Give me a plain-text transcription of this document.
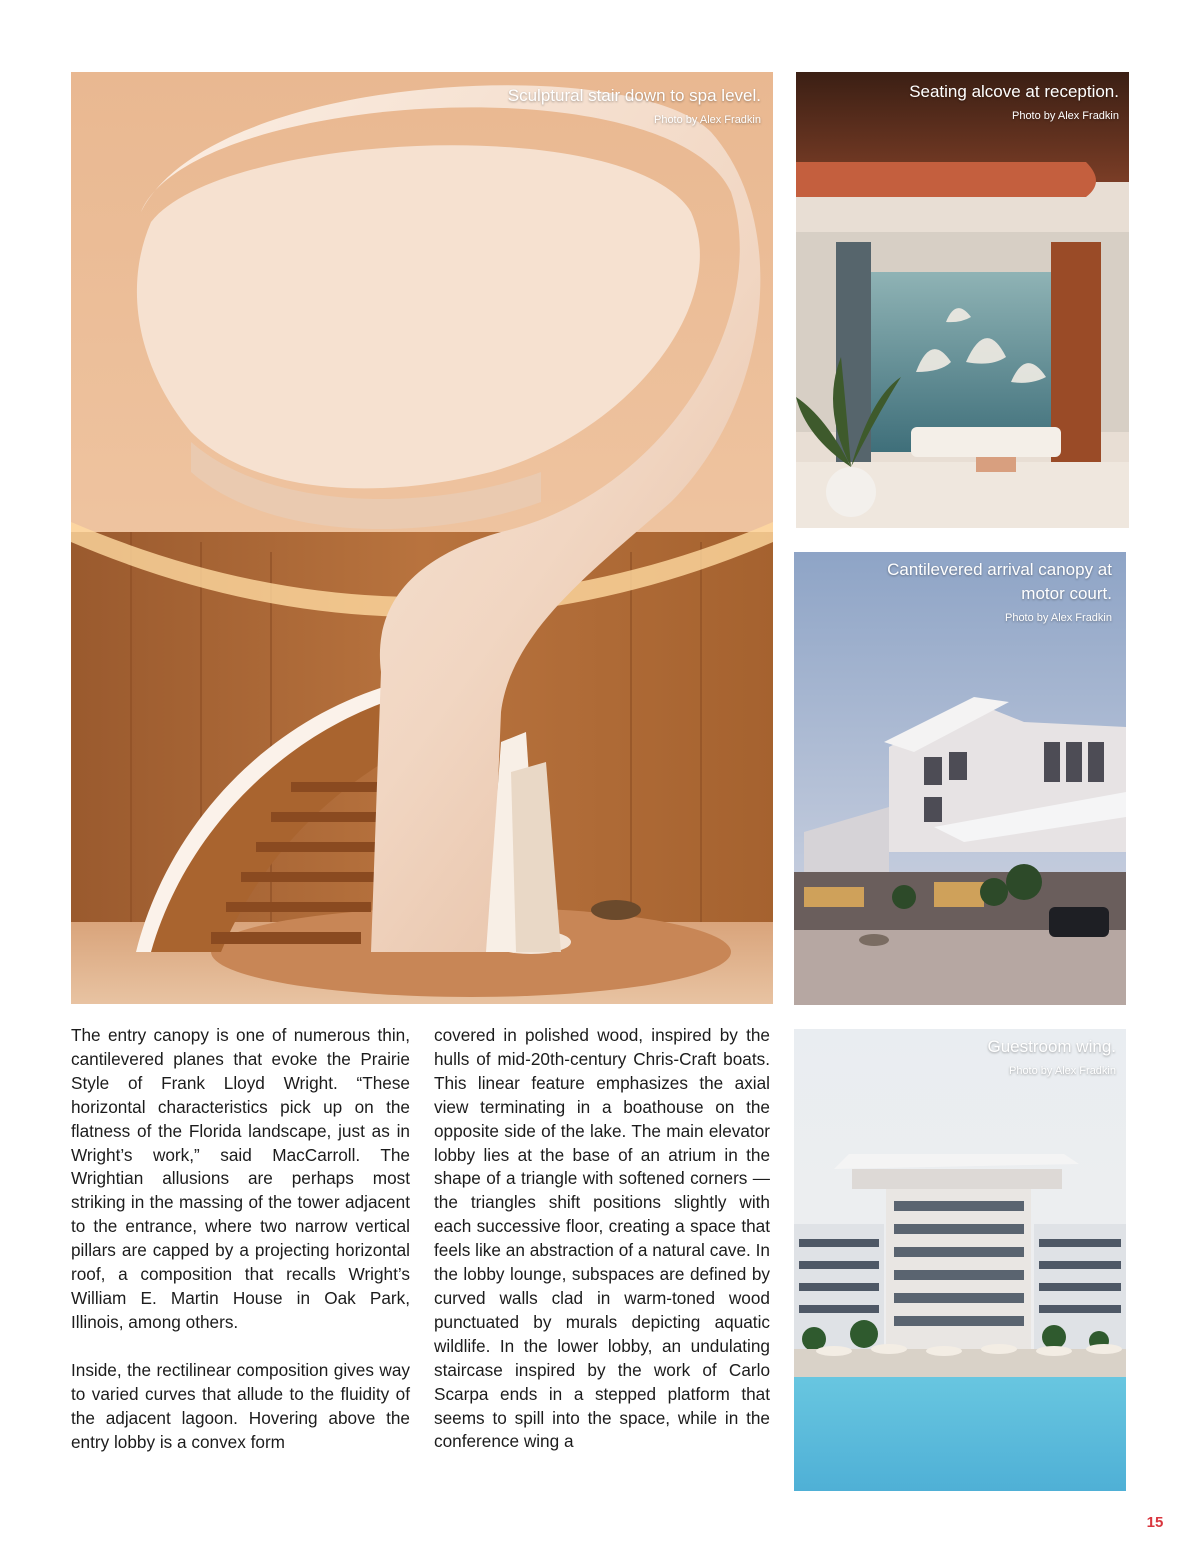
Sculptural stair down to spa level.
Photo by Alex Fradkin
Seating alcove at reception.
Photo by Alex Fradkin
Cantilevered arrival canopy at
motor court.
Photo by Alex Fradkin
Guestroom wing.
Photo by Alex Fradkin

The entry canopy is one of numerous thin, cantilevered planes that evoke the Prairie Style of Frank Lloyd Wright. “These horizontal characteristics pick up on the flatness of the Florida landscape, just as in Wright’s work,” said MacCarroll. The Wrightian allusions are perhaps most striking in the massing of the tower adjacent to the entrance, where two narrow vertical pillars are capped by a projecting horizontal roof, a composition that recalls Wright’s William E. Martin House in Oak Park, Illinois, among others.

Inside, the rectilinear composition gives way to varied curves that allude to the fluidity of the adjacent lagoon. Hovering above the entry lobby is a convex form

covered in polished wood, inspired by the hulls of mid-20th-century Chris-Craft boats. This linear feature emphasizes the axial view terminating in a boathouse on the opposite side of the lake. The main elevator lobby lies at the base of an atrium in the shape of a triangle with softened corners — the triangles shift positions slightly with each successive floor, creating a space that feels like an abstraction of a natural cave. In the lobby lounge, subspaces are defined by curved walls clad in warm-toned wood punctuated by murals depicting aquatic wildlife. In the lower lobby, an undulating staircase inspired by the work of Carlo Scarpa ends in a stepped platform that seems to spill into the space, while in the conference wing a

15
